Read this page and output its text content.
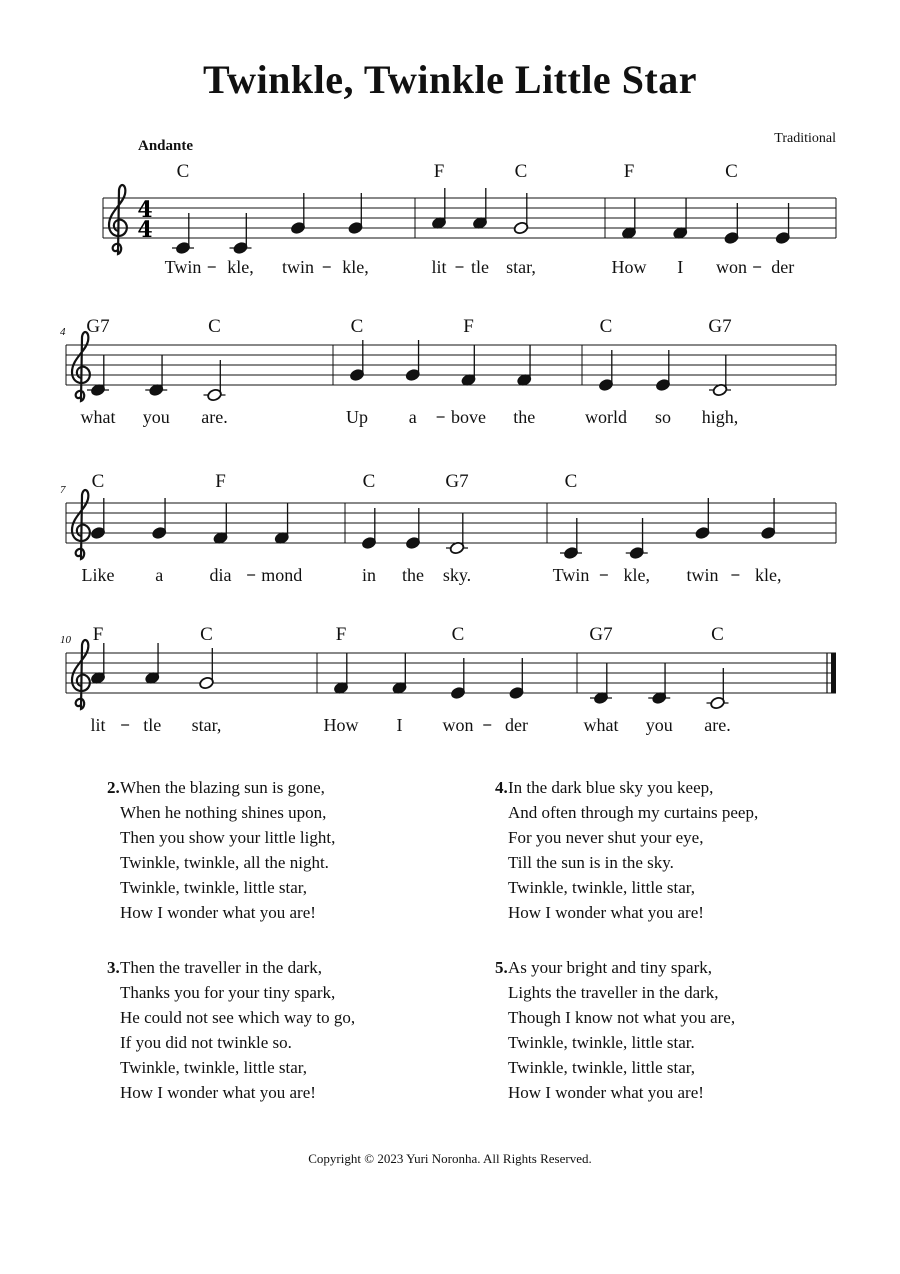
Twinkle, Twinkle Little Star
Traditional
Andante
4
4
C
Twin kle, twin kle,
F
lit tle
C
star,
F
How I
C
won der
4 G7
what you
C
are.
C
Up a
F
bove the
C
world so
G7
high,
7 C
Like a
F
dia mond
C
in the
G7
sky.
C
Twin kle, twin kle,
10 F
lit tle
C
star,
F
How I
C
won der
G7
what you
C
are.
2. When the blazing sun is gone,
When he nothing shines upon,
Then you show your little light,
Twinkle, twinkle, all the night.
Twinkle, twinkle, little star,
How I wonder what you are!
4. In the dark blue sky you keep,
And often through my curtains peep,
For you never shut your eye,
Till the sun is in the sky.
Twinkle, twinkle, little star,
How I wonder what you are!
3. Then the traveller in the dark,
Thanks you for your tiny spark,
He could not see which way to go,
If you did not twinkle so.
Twinkle, twinkle, little star,
How I wonder what you are!
5. As your bright and tiny spark,
Lights the traveller in the dark,
Though I know not what you are,
Twinkle, twinkle, little star.
Twinkle, twinkle, little star,
How I wonder what you are!
Copyright © 2023 Yuri Noronha. All Rights Reserved.
